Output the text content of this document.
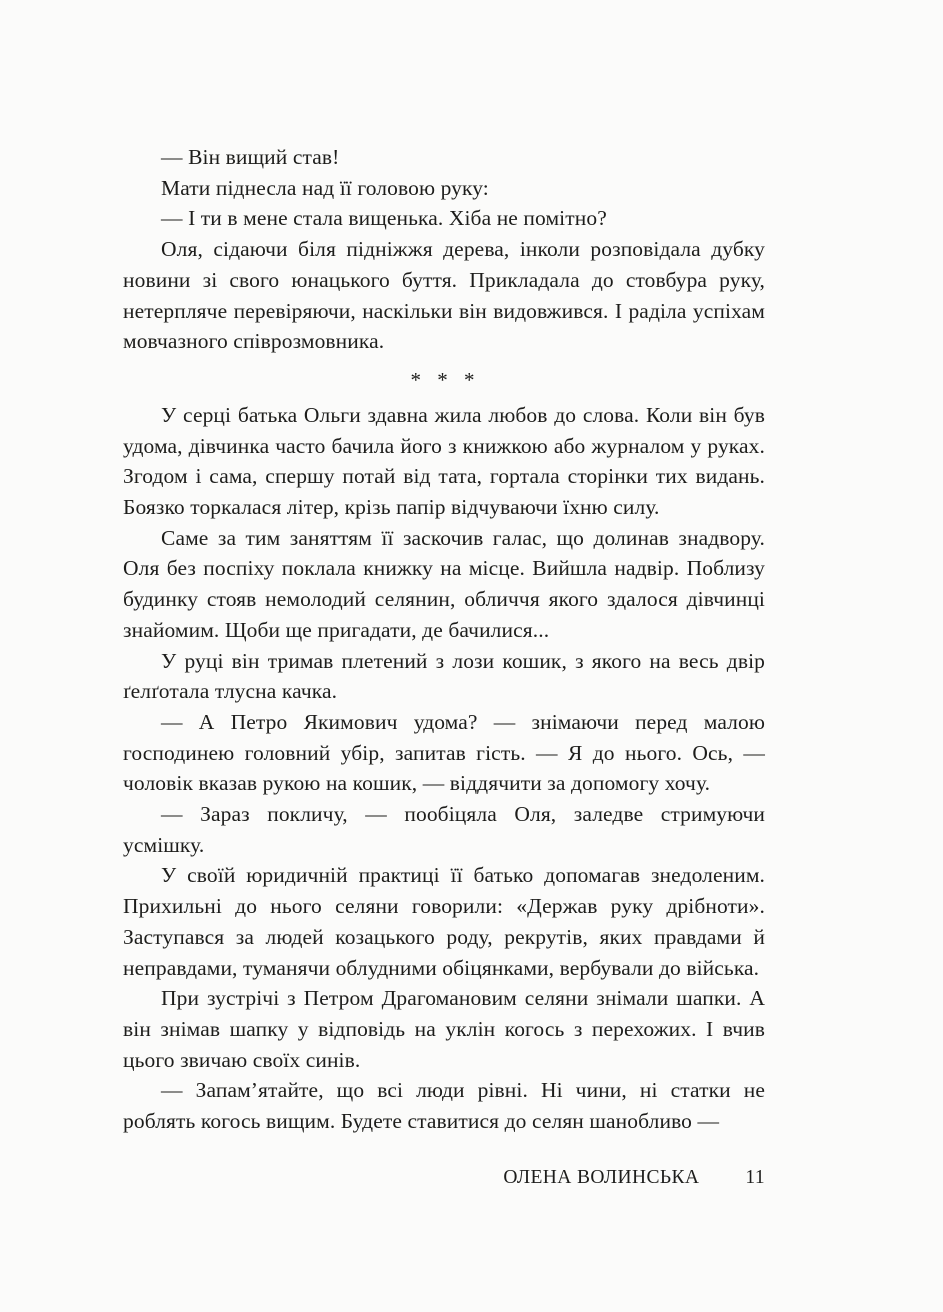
— Він вищий став!

Мати піднесла над її головою руку:

— І ти в мене стала вищенька. Хіба не помітно?

Оля, сідаючи біля підніжжя дерева, інколи розповідала дубку новини зі свого юнацького буття. Прикладала до стовбура руку, нетерпляче перевіряючи, наскільки він видовжився. І раділа успіхам мовчазного співрозмовника.

* * *

У серці батька Ольги здавна жила любов до слова. Коли він був удома, дівчинка часто бачила його з книжкою або журналом у руках. Згодом і сама, спершу потай від тата, гортала сторінки тих видань. Боязко торкалася літер, крізь папір відчуваючи їхню силу.

Саме за тим заняттям її заскочив галас, що долинав знадвору. Оля без поспіху поклала книжку на місце. Вийшла надвір. Поблизу будинку стояв немолодий селянин, обличчя якого здалося дівчинці знайомим. Щоби ще пригадати, де бачилися...

У руці він тримав плетений з лози кошик, з якого на весь двір ґелґотала тлусна качка.

— А Петро Якимович удома? — знімаючи перед малою господинею головний убір, запитав гість. — Я до нього. Ось, — чоловік вказав рукою на кошик, — віддячити за допомогу хочу.

— Зараз покличу, — пообіцяла Оля, заледве стримуючи усмішку.

У своїй юридичній практиці її батько допомагав знедоленим. Прихильні до нього селяни говорили: «Держав руку дрібноти». Заступався за людей козацького роду, рекрутів, яких правдами й неправдами, туманячи облудними обіцянками, вербували до війська.

При зустрічі з Петром Драгомановим селяни знімали шапки. А він знімав шапку у відповідь на уклін когось з перехожих. І вчив цього звичаю своїх синів.

— Запам’ятайте, що всі люди рівні. Ні чини, ні статки не роблять когось вищим. Будете ставитися до селян шанобливо —

ОЛЕНА ВОЛИНСЬКА 11
